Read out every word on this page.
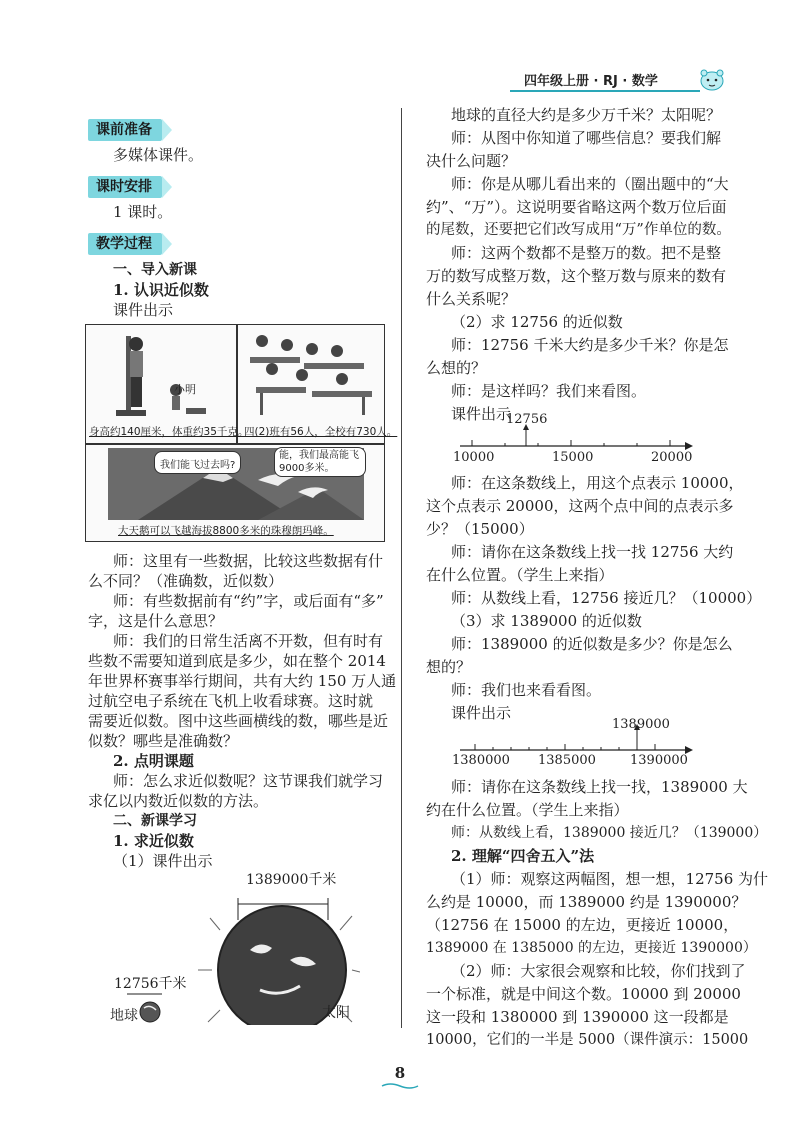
四年级上册 · RJ · 数学
课前准备
多媒体课件。
课时安排
1 课时。
教学过程
一、导入新课
1. 认识近似数
课件出示
小明
身高约140厘米，体重约35千克。
四(2)班有56人，全校有730人。
我们能飞过去吗?
能，我们最高能飞9000多米。
大天鹅可以飞越海拔8800多米的珠穆朗玛峰。
师：这里有一些数据，比较这些数据有什
么不同？（准确数，近似数）
师：有些数据前有“约”字，或后面有“多”
字，这是什么意思？
师：我们的日常生活离不开数，但有时有
些数不需要知道到底是多少，如在整个 2014
年世界杯赛事举行期间，共有大约 150 万人通
过航空电子系统在飞机上收看球赛。这时就
需要近似数。图中这些画横线的数，哪些是近
似数？哪些是准确数？
2. 点明课题
师：怎么求近似数呢？这节课我们就学习
求亿以内数近似数的方法。
二、新课学习
1. 求近似数
（1）课件出示
1389000千米
12756千米
地球	太阳
地球的直径大约是多少万千米？太阳呢？
师：从图中你知道了哪些信息？要我们解
决什么问题？
师：你是从哪儿看出来的（圈出题中的“大
约”、“万”）。这说明要省略这两个数万位后面
的尾数，还要把它们改写成用“万”作单位的数。
师：这两个数都不是整万的数。把不是整
万的数写成整万数，这个整万数与原来的数有
什么关系呢？
（2）求 12756 的近似数
师：12756 千米大约是多少千米？你是怎
么想的？
师：是这样吗？我们来看图。
课件出示
12756
10000	15000	20000
师：在这条数线上，用这个点表示 10000，
这个点表示 20000，这两个点中间的点表示多
少？（15000）
师：请你在这条数线上找一找 12756 大约
在什么位置。（学生上来指）
师：从数线上看，12756 接近几？（10000）
（3）求 1389000 的近似数
师：1389000 的近似数是多少？你是怎么
想的？
师：我们也来看看图。
课件出示
1389000
1380000 1385000	1390000
师：请你在这条数线上找一找，1389000 大
约在什么位置。（学生上来指）
师：从数线上看，1389000 接近几？（139000）
2. 理解“四舍五入”法
（1）师：观察这两幅图，想一想，12756 为什
么约是 10000，而 1389000 约是 1390000？
（12756 在 15000 的左边，更接近 10000，
1389000 在 1385000 的左边，更接近 1390000）
（2）师：大家很会观察和比较，你们找到了
一个标准，就是中间这个数。10000 到 20000
这一段和 1380000 到 1390000 这一段都是
10000，它们的一半是 5000（课件演示：15000
8
